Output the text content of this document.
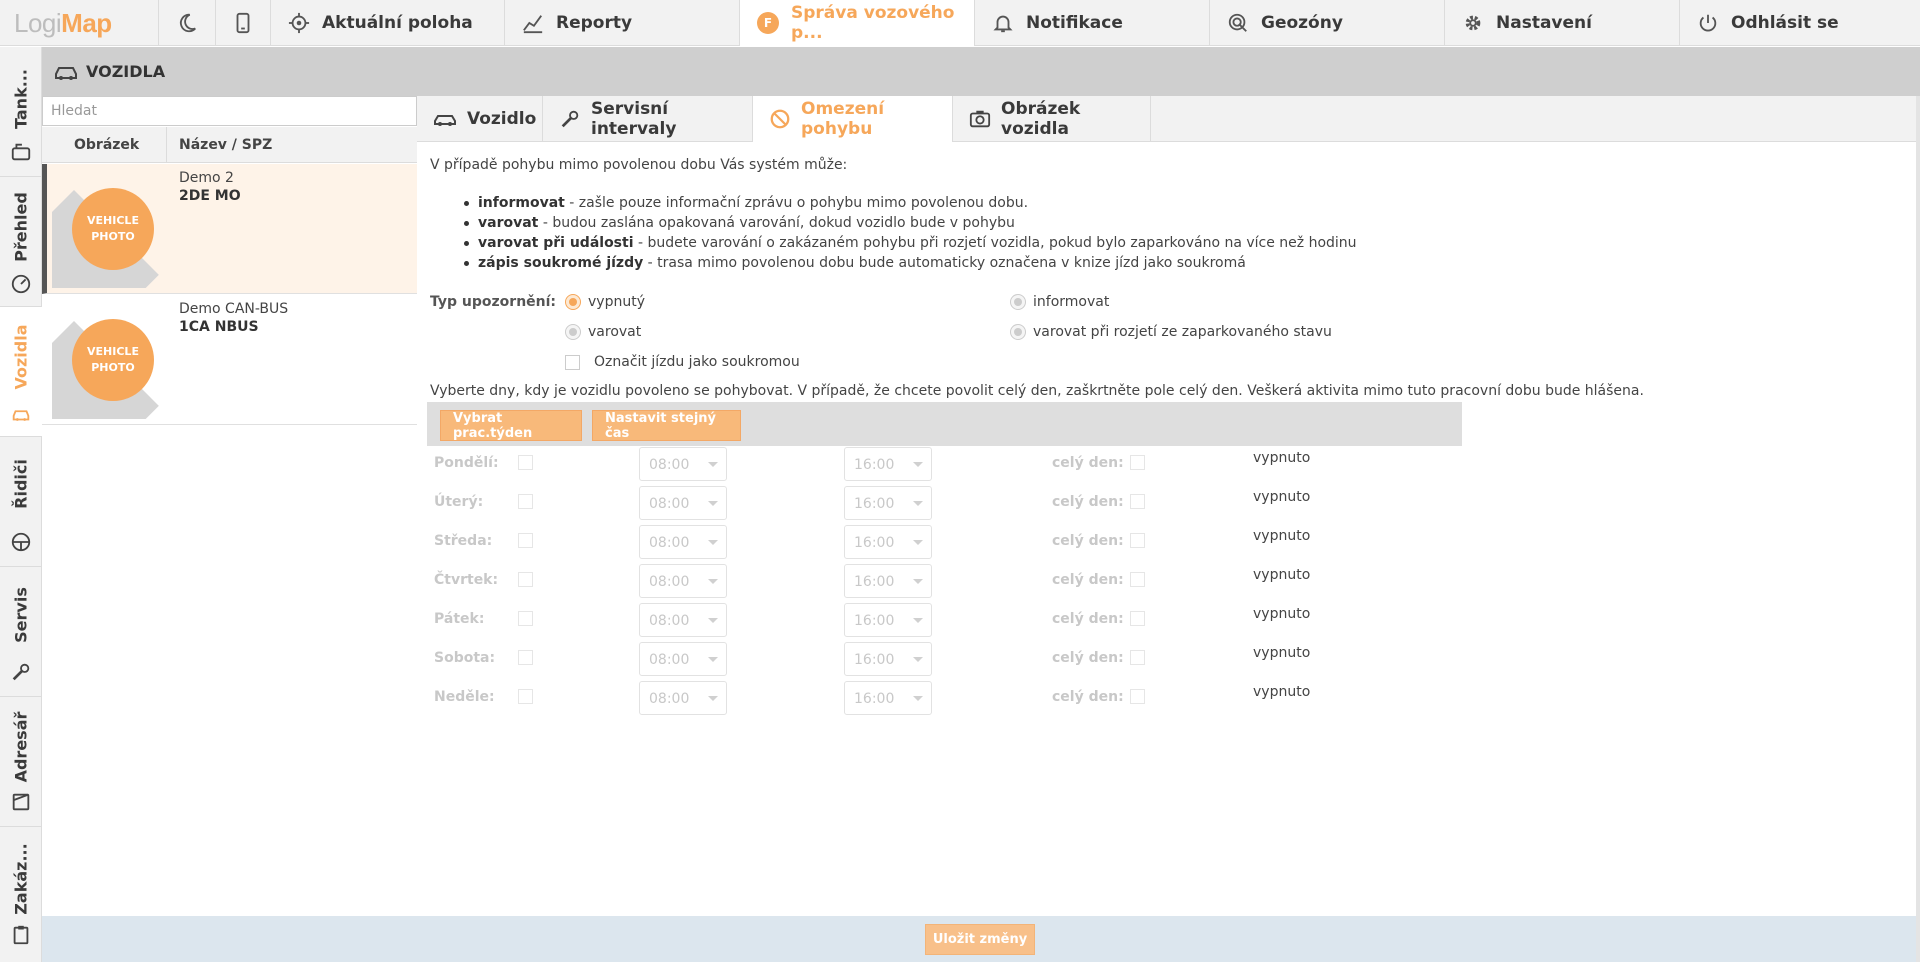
Logi Map	Aktuální poloha	Reporty	F	Správa vozového p...	Notifikace	Geozóny	Nastavení	Odhlásit se
Tank...
Přehled
Vozidla
Řidiči
Servis
Adresář
Zakáz...
VOZIDLA
Hledat
Obrázek	Název / SPZ
VEHICLE
PHOTO
Demo 2
2DE MO
VEHICLE
PHOTO
Demo CAN-BUS
1CA NBUS
Vozidlo	Servisní intervaly
Omezení pohybu
Obrázek vozidla
V případě pohybu mimo povolenou dobu Vás systém může:
informovat - zašle pouze informační zprávu o pohybu mimo povolenou dobu.
varovat - budou zaslána opakovaná varování, dokud vozidlo bude v pohybu
varovat při události - budete varování o zakázaném pohybu při rozjetí vozidla, pokud bylo zaparkováno na více než hodinu
zápis soukromé jízdy - trasa mimo povolenou dobu bude automaticky označena v knize jízd jako soukromá
Typ upozornění: vypnutý	informovat
varovat	varovat při rozjetí ze zaparkovaného stavu
Označit jízdu jako soukromou
Vyberte dny, kdy je vozidlu povoleno se pohybovat. V případě, že chcete povolit celý den, zaškrtněte pole celý den. Veškerá aktivita mimo tuto pracovní dobu bude hlášena.
Vybrat prac.týden
Nastavit stejný čas
Pondělí:	08:00	16:00	celý den:	vypnuto
Úterý:	08:00	16:00	celý den:	vypnuto
Středa:	08:00	16:00	celý den:	vypnuto
Čtvrtek:	08:00	16:00	celý den:	vypnuto
Pátek:	08:00	16:00	celý den:	vypnuto
Sobota:	08:00	16:00	celý den:	vypnuto
Neděle:	08:00	16:00	celý den:	vypnuto
Uložit změny
